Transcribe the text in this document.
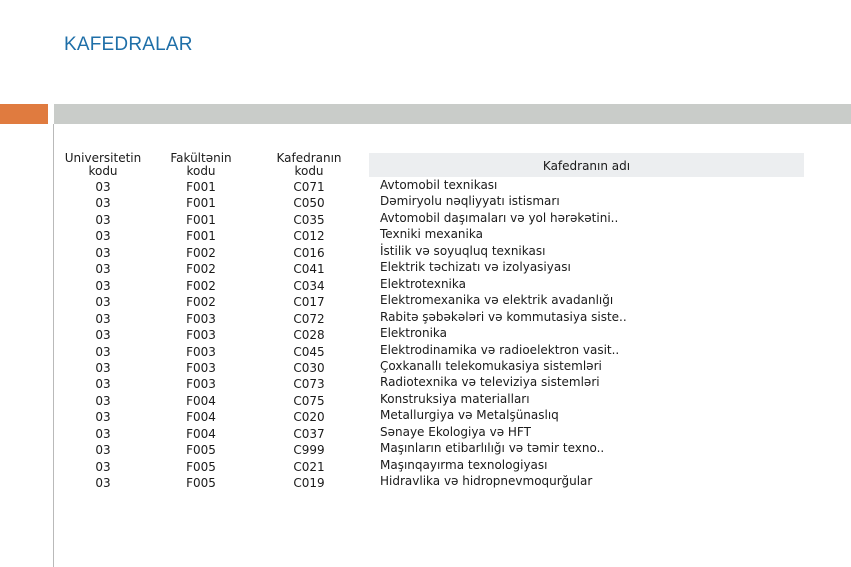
KAFEDRALAR
Universitetin kodu
03
03
03
03
03
03
03
03
03
03
03
03
03
03
03
03
03
03
03
Fakültənin kodu
F001
F001
F001
F001
F002
F002
F002
F002
F003
F003
F003
F003
F003
F004
F004
F004
F005
F005
F005
Kafedranın kodu
C071
C050
C035
C012
C016
C041
C034
C017
C072
C028
C045
C030
C073
C075
C020
C037
C999
C021
C019
Kafedranın adı
Avtomobil texnikası
Dəmiryolu nəqliyyatı istismarı
Avtomobil daşımaları və yol hərəkətini..
Texniki mexanika
İstilik və soyuqluq texnikası
Elektrik təchizatı və izolyasiyası
Elektrotexnika
Elektromexanika və elektrik avadanlığı
Rabitə şəbəkələri və kommutasiya siste..
Elektronika
Elektrodinamika və radioelektron vasit..
Çoxkanallı telekomukasiya sistemləri
Radiotexnika və televiziya sistemləri
Konstruksiya materialları
Metallurgiya və Metalşünaslıq
Sənaye Ekologiya və HFT
Maşınların etibarlılığı və təmir texno..
Maşınqayırma texnologiyası
Hidravlika və hidropnevmoqurğular
